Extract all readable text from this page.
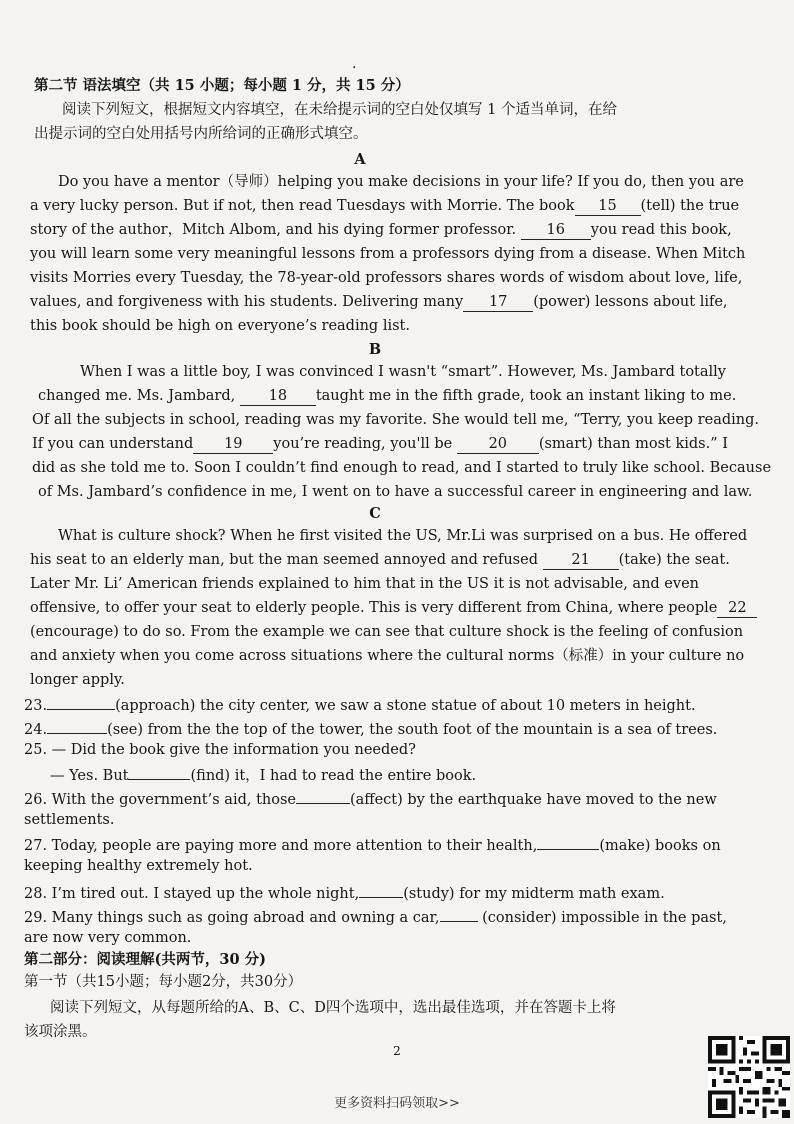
·
第二节 语法填空（共 15 小题；每小题 1 分，共 15 分）
阅读下列短文，根据短文内容填空，在未给提示词的空白处仅填写 1 个适当单词，在给
出提示词的空白处用括号内所给词的正确形式填空。
A
Do you have a mentor（导师）helping you make decisions in your life? If you do, then you are
a very lucky person. But if not, then read Tuesdays with Morrie. The book 15 (tell) the true
story of the author，Mitch Albom, and his dying former professor. 16 you read this book,
you will learn some very meaningful lessons from a professors dying from a disease. When Mitch
visits Morries every Tuesday, the 78-year-old professors shares words of wisdom about love, life,
values, and forgiveness with his students. Delivering many 17 (power) lessons about life,
this book should be high on everyone’s reading list.
B
When I was a little boy, I was convinced I wasn't “smart”. However, Ms. Jambard totally
changed me. Ms. Jambard, 18 taught me in the fifth grade, took an instant liking to me.
Of all the subjects in school, reading was my favorite. She would tell me, “Terry, you keep reading.
If you can understand 19 you’re reading, you'll be	20 (smart) than most kids.” I
did as she told me to. Soon I couldn’t find enough to read, and I started to truly like school. Because
of Ms. Jambard’s confidence in me, I went on to have a successful career in engineering and law.
C
What is culture shock? When he first visited the US, Mr.Li was surprised on a bus. He offered
his seat to an elderly man, but the man seemed annoyed and refused 21 (take) the seat.
Later Mr. Li’ American friends explained to him that in the US it is not advisable, and even
offensive, to offer your seat to elderly people. This is very different from China, where people 22
(encourage) to do so. From the example we can see that culture shock is the feeling of confusion
and anxiety when you come across situations where the cultural norms（标准）in your culture no
longer apply.
23.	(approach) the city center, we saw a stone statue of about 10 meters in height.
24.	(see) from the the top of the tower, the south foot of the mountain is a sea of trees.
25. — Did the book give the information you needed?
— Yes. But	(find) it，I had to read the entire book.
26. With the government’s aid, those	(affect) by the earthquake have moved to the new
settlements.
27. Today, people are paying more and more attention to their health,	(make) books on
keeping healthy extremely hot.
28. I’m tired out. I stayed up the whole night,	(study) for my midterm math exam.
29. Many things such as going abroad and owning a car,	(consider) impossible in the past,
are now very common.
第二部分：阅读理解(共两节，30 分)
第一节（共15小题；每小题2分，共30分）
阅读下列短文，从每题所给的A、B、C、D四个选项中，选出最佳选项，并在答题卡上将
该项涂黑。
2
更多资料扫码领取>>
